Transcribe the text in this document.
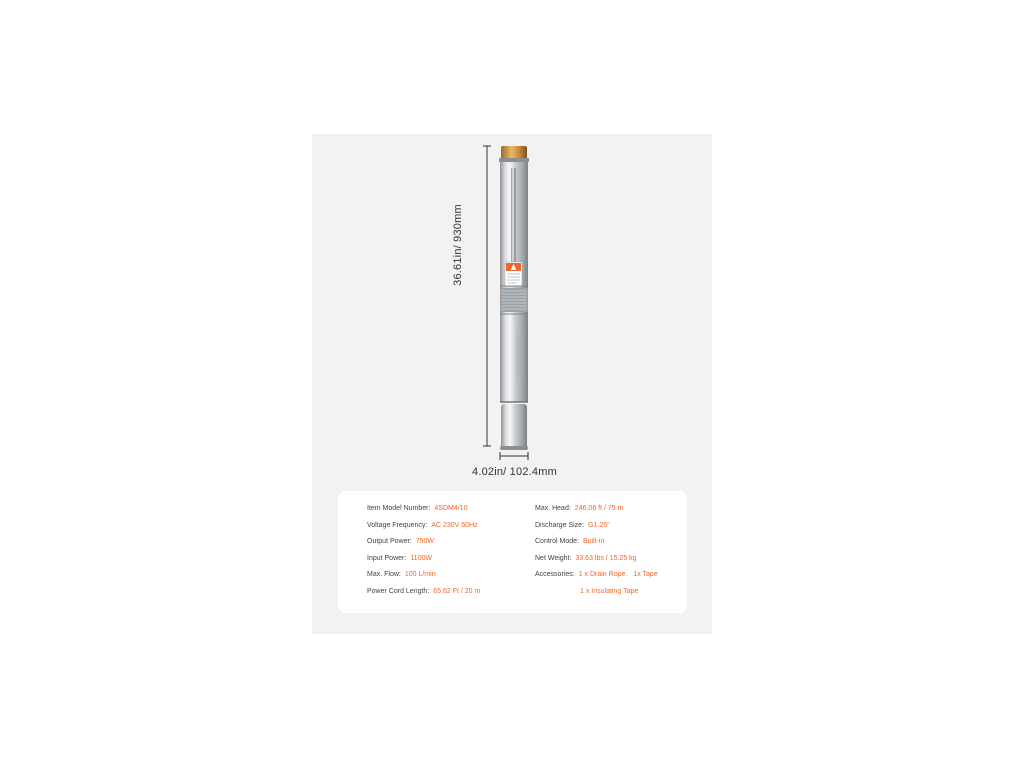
36.61in/ 930mm
4.02in/ 102.4mm
Item Model Number: 4SDM4/10
Voltage Frequency: AC 230V 50Hz
Output Power: 750W
Input Power: 1100W
Max. Flow: 100 L/min
Power Cord Length: 65.62 Ft / 20 m
Max. Head: 246.06 ft / 75 m
Discharge Size: G1.25"
Control Mode: Built-in
Net Weight: 33.63 lbs / 15.25 kg
Accessories: 1 x Drain Rope. 1x Tape
1 x Insulating Tape
